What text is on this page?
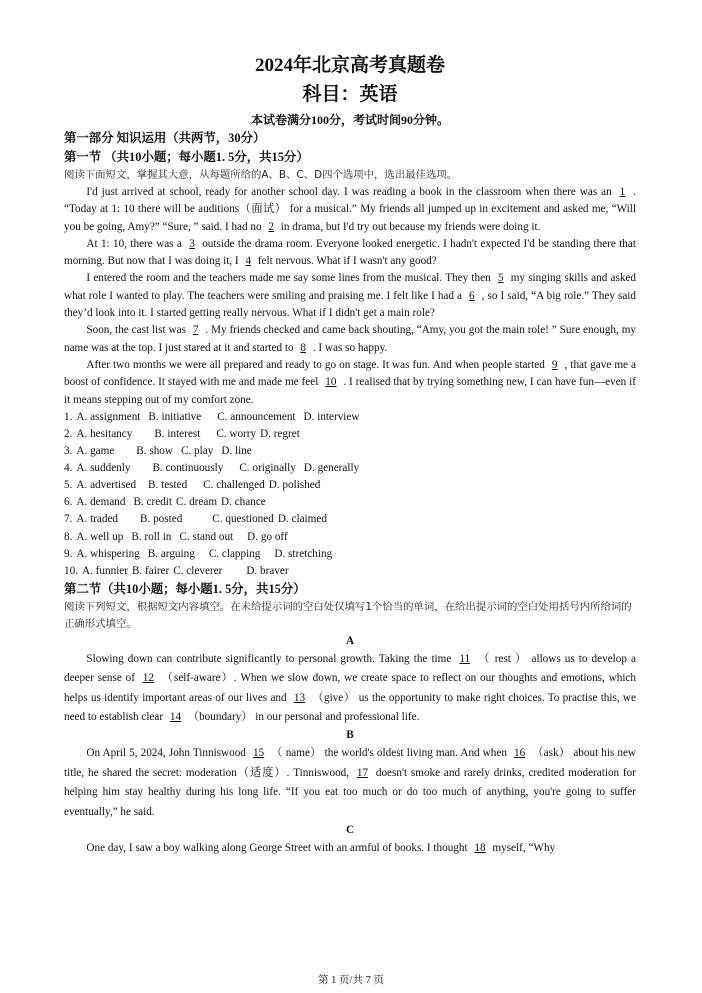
2024年北京高考真题卷
科目：英语
本试卷满分100分，考试时间90分钟。
第一部分 知识运用（共两节，30分）
第一节 （共10小题；每小题1. 5分，共15分）
阅读下面短文，掌握其大意，从每题所给的A、B、C、D四个选项中，选出最佳选项。
I'd just arrived at school, ready for another school day. I was reading a book in the classroom when there was an 1 . “Today at 1: 10 there will be auditions（面试） for a musical.” My friends all jumped up in excitement and asked me, “Will you be going, Amy?” “Sure, ” said. I had no 2 in drama, but I'd try out because my friends were doing it.
At 1: 10, there was a 3 outside the drama room. Everyone looked energetic. I hadn't expected I'd be standing there that morning. But now that I was doing it, I 4 felt nervous. What if I wasn't any good?
I entered the room and the teachers made me say some lines from the musical. They then 5 my singing skills and asked what role I wanted to play. The teachers were smiling and praising me. I felt like I had a 6 , so I said, “A big role.” They said they’d look into it. I started getting really nervous. What if I didn't get a main role?
Soon, the cast list was 7 . My friends checked and came back shouting, “Amy, you got the main role! ” Sure enough, my name was at the top. I just stared at it and started to 8 . I was so happy.
After two months we were all prepared and ready to go on stage. It was fun. And when people started 9 , that gave me a boost of confidence. It stayed with me and made me feel 10 . I realised that by trying something new, I can have fun—even if it means stepping out of my comfort zone.
1. A. assignment B. initiative C. announcement D. interview
2. A. hesitancy B. interest C. worry D. regret
3. A. game B. show C. play D. line
4. A. suddenly B. continuously C. originally D. generally
5. A. advertised B. tested C. challenged D. polished
6. A. demand B. credit C. dream D. chance
7. A. traded B. posted	C. questioned D. claimed
8. A. well up B. roll in C. stand out D. go off
9. A. whispering B. arguing C. clapping D. stretching
10. A. funnier B. fairer C. cleverer D. braver
第二节（共10小题；每小题1. 5分，共15分）
阅读下列短文，根据短文内容填空。在未给提示词的空白处仅填写1个恰当的单词，在给出提示词的空白处用括号内所给词的正确形式填空。
A
Slowing down can contribute significantly to personal growth. Taking the time 11 （ rest ） allows us to develop a deeper sense of 12 （self-aware）. When we slow down, we create space to reflect on our thoughts and emotions, which helps us identify important areas of our lives and 13 （give） us the opportunity to make right choices. To practise this, we need to establish clear 14 （boundary） in our personal and professional life.
B
On April 5, 2024, John Tinniswood 15 （ name） the world's oldest living man. And when 16 （ask） about his new title, he shared the secret: moderation（适度）. Tinniswood, 17 doesn't smoke and rarely drinks, credited moderation for helping him stay healthy during his long life. “If you eat too much or do too much of anything, you're going to suffer eventually,” he said.
C
One day, I saw a boy walking along George Street with an armful of books. I thought 18 myself, “Why
第 1 页/共 7 页
